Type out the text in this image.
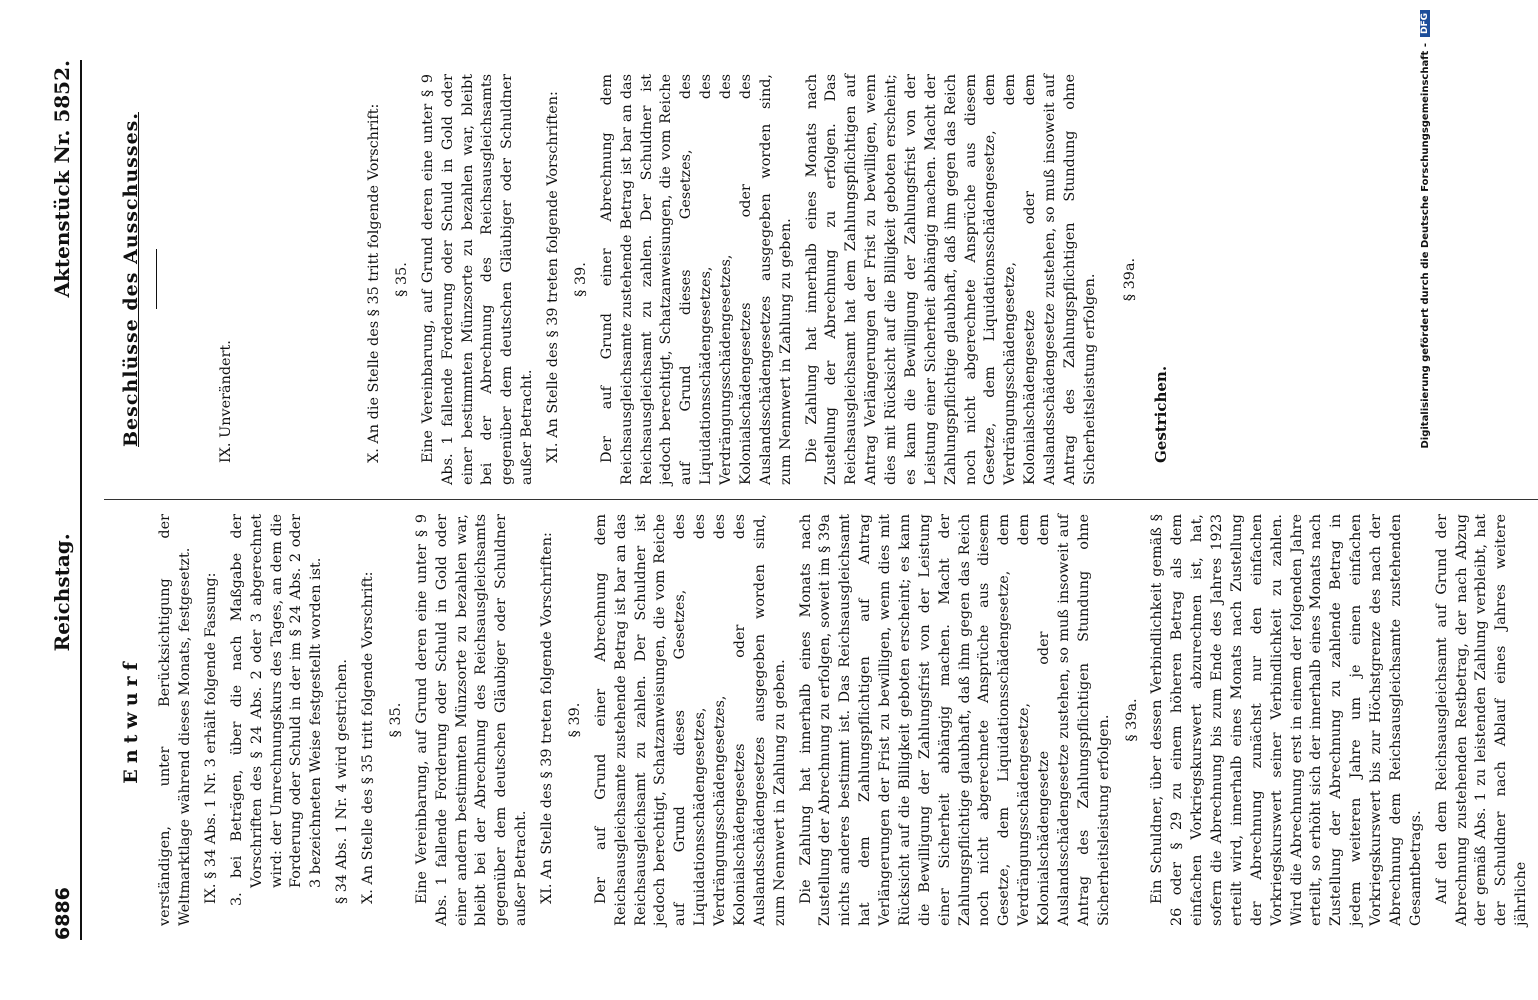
6886
Reichstag.
Aktenstück Nr. 5852.
Entwurf verständigen, unter Berücksichtigung der Weltmarktlage während dieses Monats, festgesetzt. IX. § 34 Abs. 1 Nr. 3 erhält folgende Fassung: 3. bei Beträgen, über die nach Maßgabe der Vorschriften des § 24 Abs. 2 oder 3 abgerechnet wird: der Umrechnungskurs des Tages, an dem die Forderung oder Schuld in der im § 24 Abs. 2 oder 3 bezeichneten Weise festgestellt worden ist. § 34 Abs. 1 Nr. 4 wird gestrichen. X. An Stelle des § 35 tritt folgende Vorschrift: § 35. Eine Vereinbarung, auf Grund deren eine unter § 9 Abs. 1 fallende Forderung oder Schuld in Gold oder einer andern bestimmten Münzsorte zu bezahlen war, bleibt bei der Abrechnung des Reichsausgleichsamts gegenüber dem deutschen Gläubiger oder Schuldner außer Betracht. XI. An Stelle des § 39 treten folgende Vorschriften: § 39. Der auf Grund einer Abrechnung dem Reichsausgleichsamte zustehende Betrag ist bar an das Reichsausgleichsamt zu zahlen. Der Schuldner ist jedoch berechtigt, Schatzanweisungen, die vom Reiche auf Grund dieses Gesetzes, des Liquidationsschädengesetzes, des Verdrängungsschädengesetzes, des Kolonialschädengesetzes oder des Auslandsschädengesetzes ausgegeben worden sind, zum Nennwert in Zahlung zu geben. Die Zahlung hat innerhalb eines Monats nach Zustellung der Abrechnung zu erfolgen, soweit im § 39a nichts anderes bestimmt ist. Das Reichsausgleichsamt hat dem Zahlungspflichtigen auf Antrag Verlängerungen der Frist zu bewilligen, wenn dies mit Rücksicht auf die Billigkeit geboten erscheint; es kann die Bewilligung der Zahlungsfrist von der Leistung einer Sicherheit abhängig machen. Macht der Zahlungspflichtige glaubhaft, daß ihm gegen das Reich noch nicht abgerechnete Ansprüche aus diesem Gesetze, dem Liquidationsschädengesetze, dem Verdrängungsschädengesetze, dem Kolonialschädengesetze oder dem Auslandsschädengesetze zustehen, so muß insoweit auf Antrag des Zahlungspflichtigen Stundung ohne Sicherheitsleistung erfolgen. § 39a. Ein Schuldner, über dessen Verbindlichkeit gemäß § 26 oder § 29 zu einem höheren Betrag als dem einfachen Vorkriegskurswert abzurechnen ist, hat, sofern die Abrechnung bis zum Ende des Jahres 1923 erteilt wird, innerhalb eines Monats nach Zustellung der Abrechnung zunächst nur den einfachen Vorkriegskurswert seiner Verbindlichkeit zu zahlen. Wird die Abrechnung erst in einem der folgenden Jahre erteilt, so erhöht sich der innerhalb eines Monats nach Zustellung der Abrechnung zu zahlende Betrag in jedem weiteren Jahre um je einen einfachen Vorkriegskurswert bis zur Höchstgrenze des nach der Abrechnung dem Reichsausgleichsamte zustehenden Gesamtbetrags. Auf den dem Reichsausgleichsamt auf Grund der Abrechnung zustehenden Restbetrag, der nach Abzug der gemäß Abs. 1 zu leistenden Zahlung verbleibt, hat der Schuldner nach Ablauf eines Jahres weitere jährliche

Beschlüsse des Ausschusses.	IX. Unverändert.	X. An die Stelle des § 35 tritt folgende Vorschrift: § 35. Eine Vereinbarung, auf Grund deren eine unter § 9 Abs. 1 fallende Forderung oder Schuld in Gold oder einer bestimmten Münzsorte zu bezahlen war, bleibt bei der Abrechnung des Reichsausgleichsamts gegenüber dem deutschen Gläubiger oder Schuldner außer Betracht. XI. An Stelle des § 39 treten folgende Vorschriften: § 39. Der auf Grund einer Abrechnung dem Reichsausgleichsamte zustehende Betrag ist bar an das Reichsausgleichsamt zu zahlen. Der Schuldner ist jedoch berechtigt, Schatzanweisungen, die vom Reiche auf Grund dieses Gesetzes, des Liquidationsschädengesetzes, des Verdrängungsschädengesetzes, des Kolonialschädengesetzes oder des Auslandsschädengesetzes ausgegeben worden sind, zum Nennwert in Zahlung zu geben. Die Zahlung hat innerhalb eines Monats nach Zustellung der Abrechnung zu erfolgen. Das Reichsausgleichsamt hat dem Zahlungspflichtigen auf Antrag Verlängerungen der Frist zu bewilligen, wenn dies mit Rücksicht auf die Billigkeit geboten erscheint; es kann die Bewilligung der Zahlungsfrist von der Leistung einer Sicherheit abhängig machen. Macht der Zahlungspflichtige glaubhaft, daß ihm gegen das Reich noch nicht abgerechnete Ansprüche aus diesem Gesetze, dem Liquidationsschädengesetze, dem Verdrängungsschädengesetze, dem Kolonialschädengesetze oder dem Auslandsschädengesetze zustehen, so muß insoweit auf Antrag des Zahlungspflichtigen Stundung ohne Sicherheitsleistung erfolgen. § 39a.

Gestrichen.	Digitalisierung gefördert durch die Deutsche Forschungsgemeinschaft -
DFG
